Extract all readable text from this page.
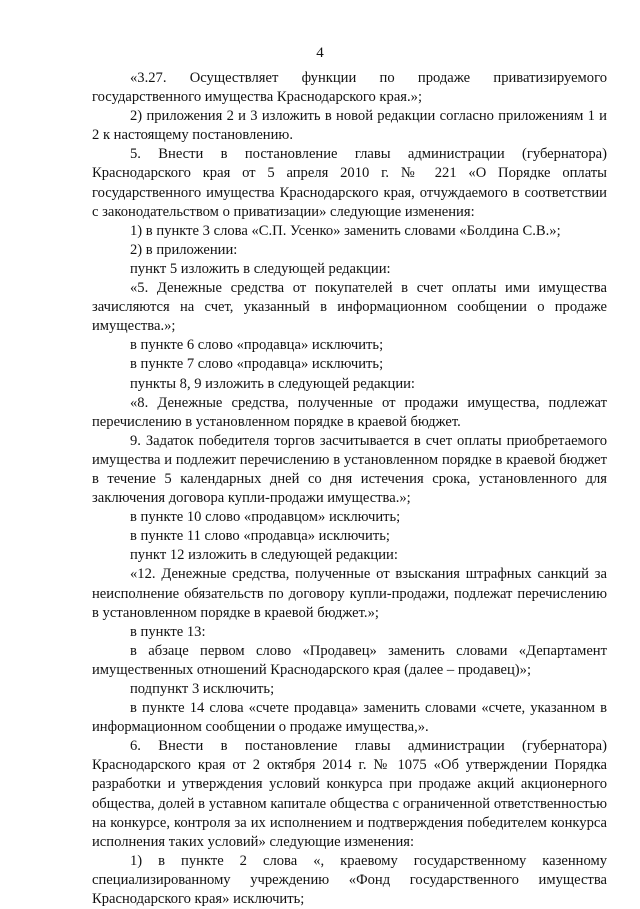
4

«3.27. Осуществляет функции по продаже приватизируемого государственного имущества Краснодарского края.»;

2) приложения 2 и 3 изложить в новой редакции согласно приложениям 1 и 2 к настоящему постановлению.

5. Внести в постановление главы администрации (губернатора) Краснодарского края от 5 апреля 2010 г. № 221 «О Порядке оплаты государственного имущества Краснодарского края, отчуждаемого в соответствии с законодательством о приватизации» следующие изменения:

1) в пункте 3 слова «С.П. Усенко» заменить словами «Болдина С.В.»;

2) в приложении:

пункт 5 изложить в следующей редакции:

«5. Денежные средства от покупателей в счет оплаты ими имущества зачисляются на счет, указанный в информационном сообщении о продаже имущества.»;

в пункте 6 слово «продавца» исключить;

в пункте 7 слово «продавца» исключить;

пункты 8, 9 изложить в следующей редакции:

«8. Денежные средства, полученные от продажи имущества, подлежат перечислению в установленном порядке в краевой бюджет.

9. Задаток победителя торгов засчитывается в счет оплаты приобретаемого имущества и подлежит перечислению в установленном порядке в краевой бюджет в течение 5 календарных дней со дня истечения срока, установленного для заключения договора купли-продажи имущества.»;

в пункте 10 слово «продавцом» исключить;

в пункте 11 слово «продавца» исключить;

пункт 12 изложить в следующей редакции:

«12. Денежные средства, полученные от взыскания штрафных санкций за неисполнение обязательств по договору купли-продажи, подлежат перечислению в установленном порядке в краевой бюджет.»;

в пункте 13:

в абзаце первом слово «Продавец» заменить словами «Департамент имущественных отношений Краснодарского края (далее – продавец)»;

подпункт 3 исключить;

в пункте 14 слова «счете продавца» заменить словами «счете, указанном в информационном сообщении о продаже имущества,».

6. Внести в постановление главы администрации (губернатора) Краснодарского края от 2 октября 2014 г. № 1075 «Об утверждении Порядка разработки и утверждения условий конкурса при продаже акций акционерного общества, долей в уставном капитале общества с ограниченной ответственностью на конкурсе, контроля за их исполнением и подтверждения победителем конкурса исполнения таких условий» следующие изменения:

1) в пункте 2 слова «, краевому государственному казенному специализированному учреждению «Фонд государственного имущества Краснодарского края» исключить;
